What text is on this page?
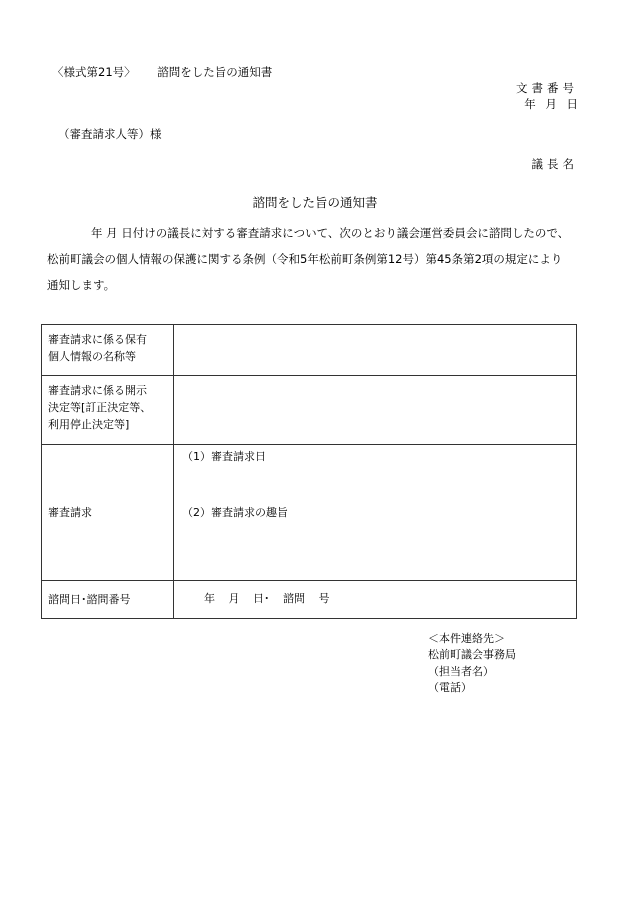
〈様式第21号〉 諮問をした旨の通知書
文書番号
年 月 日
（審査請求人等）様
議長名
諮問をした旨の通知書

年 月 日付けの議長に対する審査請求について、次のとおり議会運営委員会に諮問したので、

松前町議会の個人情報の保護に関する条例（令和5年松前町条例第12号）第45条第2項の規定により

通知します。

審査請求に係る保有
個人情報の名称等	

審査請求に係る開示
決定等[訂正決定等、
利用停止決定等]	

審査請求	（1）審査請求日
（2）審査請求の趣旨

諮問日･諮問番号	年 月 日･ 諮問 号
＜本件連絡先＞
松前町議会事務局
（担当者名）
（電話）
